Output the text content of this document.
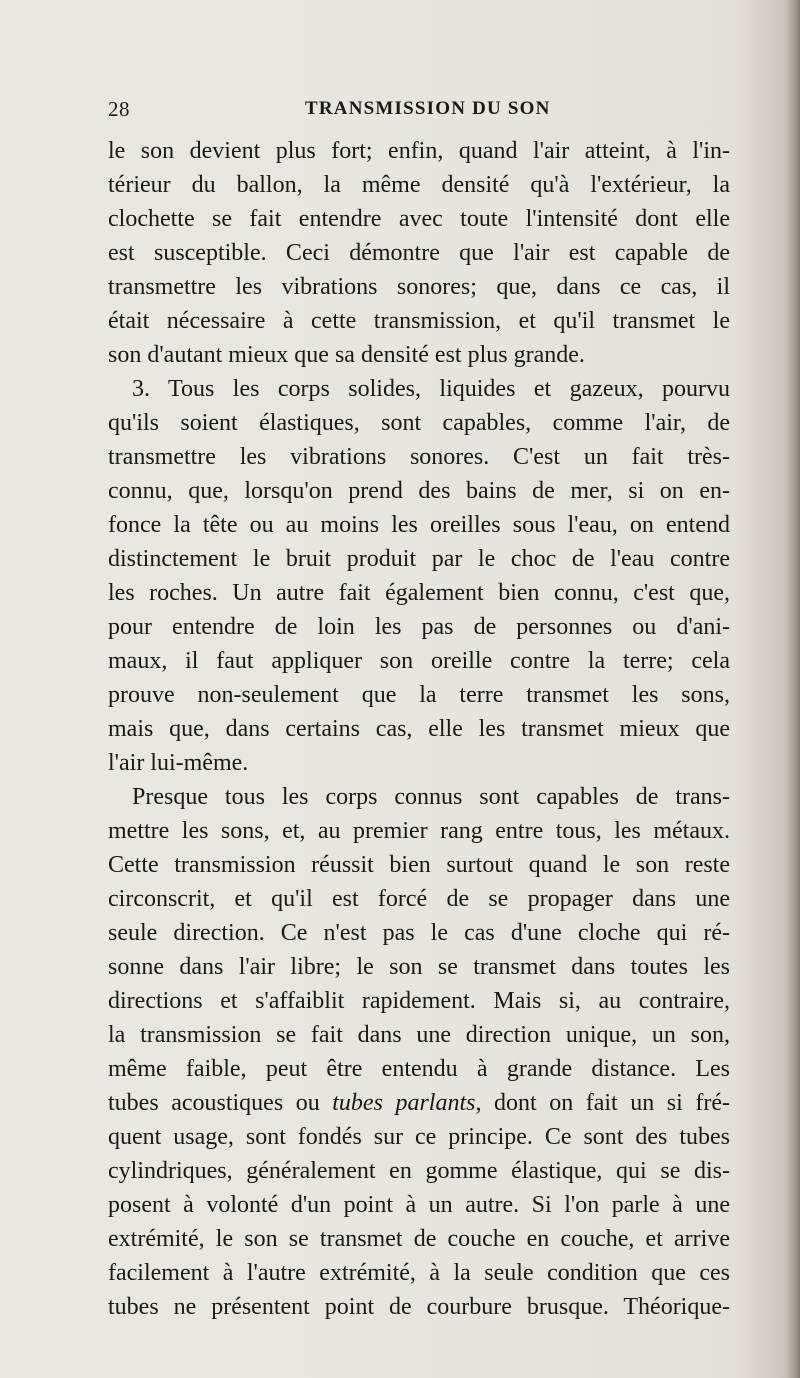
28	TRANSMISSION DU SON
le son devient plus fort; enfin, quand l'air atteint, à l'in-
térieur du ballon, la même densité qu'à l'extérieur, la
clochette se fait entendre avec toute l'intensité dont elle
est susceptible. Ceci démontre que l'air est capable de
transmettre les vibrations sonores; que, dans ce cas, il
était nécessaire à cette transmission, et qu'il transmet le
son d'autant mieux que sa densité est plus grande.
3. Tous les corps solides, liquides et gazeux, pourvu
qu'ils soient élastiques, sont capables, comme l'air, de
transmettre les vibrations sonores. C'est un fait très-
connu, que, lorsqu'on prend des bains de mer, si on en-
fonce la tête ou au moins les oreilles sous l'eau, on entend
distinctement le bruit produit par le choc de l'eau contre
les roches. Un autre fait également bien connu, c'est que,
pour entendre de loin les pas de personnes ou d'ani-
maux, il faut appliquer son oreille contre la terre; cela
prouve non-seulement que la terre transmet les sons,
mais que, dans certains cas, elle les transmet mieux que
l'air lui-même.
Presque tous les corps connus sont capables de trans-
mettre les sons, et, au premier rang entre tous, les métaux.
Cette transmission réussit bien surtout quand le son reste
circonscrit, et qu'il est forcé de se propager dans une
seule direction. Ce n'est pas le cas d'une cloche qui ré-
sonne dans l'air libre; le son se transmet dans toutes les
directions et s'affaiblit rapidement. Mais si, au contraire,
la transmission se fait dans une direction unique, un son,
même faible, peut être entendu à grande distance. Les
tubes acoustiques ou tubes parlants, dont on fait un si fré-
quent usage, sont fondés sur ce principe. Ce sont des tubes
cylindriques, généralement en gomme élastique, qui se dis-
posent à volonté d'un point à un autre. Si l'on parle à une
extrémité, le son se transmet de couche en couche, et arrive
facilement à l'autre extrémité, à la seule condition que ces
tubes ne présentent point de courbure brusque. Théorique-
